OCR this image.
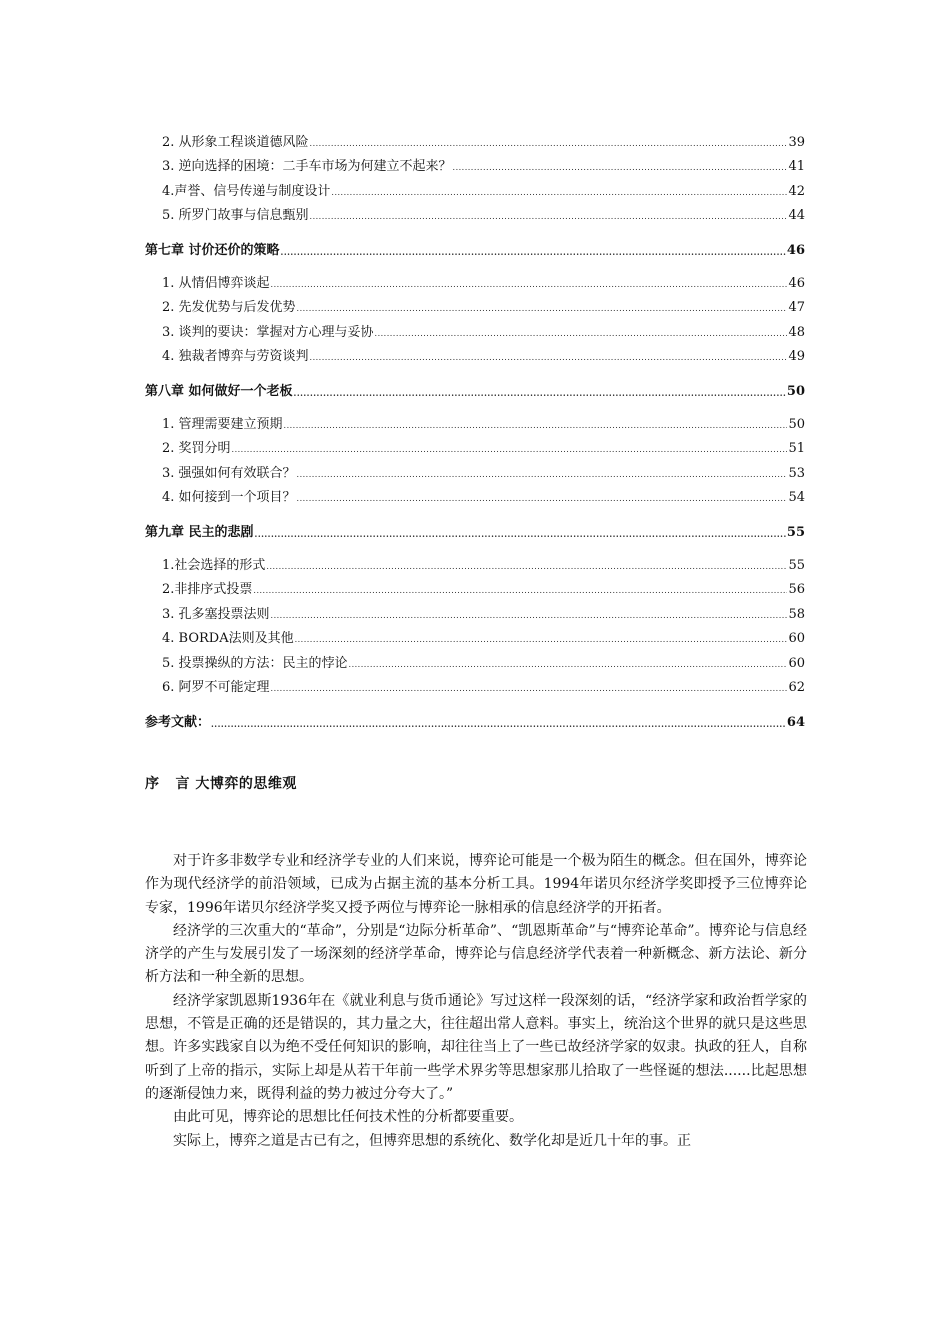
2. 从形象工程谈道德风险 .....	39
3. 逆向选择的困境：二手车市场为何建立不起来？ .....	41
4.声誉、信号传递与制度设计 .....	42
5. 所罗门故事与信息甄别 .....	44
第七章 讨价还价的策略 .....	46
1. 从情侣博弈谈起 .....	46
2. 先发优势与后发优势 .....	47
3. 谈判的要诀：掌握对方心理与妥协 .....	48
4. 独裁者博弈与劳资谈判 .....	49
第八章 如何做好一个老板 .....	50
1. 管理需要建立预期 .....	50
2. 奖罚分明 .....	51
3. 强强如何有效联合？ .....	53
4. 如何接到一个项目？ .....	54
第九章 民主的悲剧 .....	55
1.社会选择的形式 .....	55
2.非排序式投票 .....	56
3. 孔多塞投票法则 .....	58
4. BORDA法则及其他 .....	60
5. 投票操纵的方法：民主的悖论 .....	60
6. 阿罗不可能定理 .....	62
参考文献： .....	64
序 言 大博弈的思维观

对于许多非数学专业和经济学专业的人们来说，博弈论可能是一个极为陌生的概念。但在国外，博弈论作为现代经济学的前沿领域，已成为占据主流的基本分析工具。1994年诺贝尔经济学奖即授予三位博弈论专家，1996年诺贝尔经济学奖又授予两位与博弈论一脉相承的信息经济学的开拓者。

经济学的三次重大的“革命”，分别是“边际分析革命”、“凯恩斯革命”与“博弈论革命”。博弈论与信息经济学的产生与发展引发了一场深刻的经济学革命，博弈论与信息经济学代表着一种新概念、新方法论、新分析方法和一种全新的思想。

经济学家凯恩斯1936年在《就业利息与货币通论》写过这样一段深刻的话，“经济学家和政治哲学家的思想，不管是正确的还是错误的，其力量之大，往往超出常人意料。事实上，统治这个世界的就只是这些思想。许多实践家自以为绝不受任何知识的影响，却往往当上了一些已故经济学家的奴隶。执政的狂人，自称听到了上帝的指示，实际上却是从若干年前一些学术界劣等思想家那儿拾取了一些怪诞的想法......比起思想的逐渐侵蚀力来，既得利益的势力被过分夸大了。”

由此可见，博弈论的思想比任何技术性的分析都要重要。

实际上，博弈之道是古已有之，但博弈思想的系统化、数学化却是近几十年的事。正
